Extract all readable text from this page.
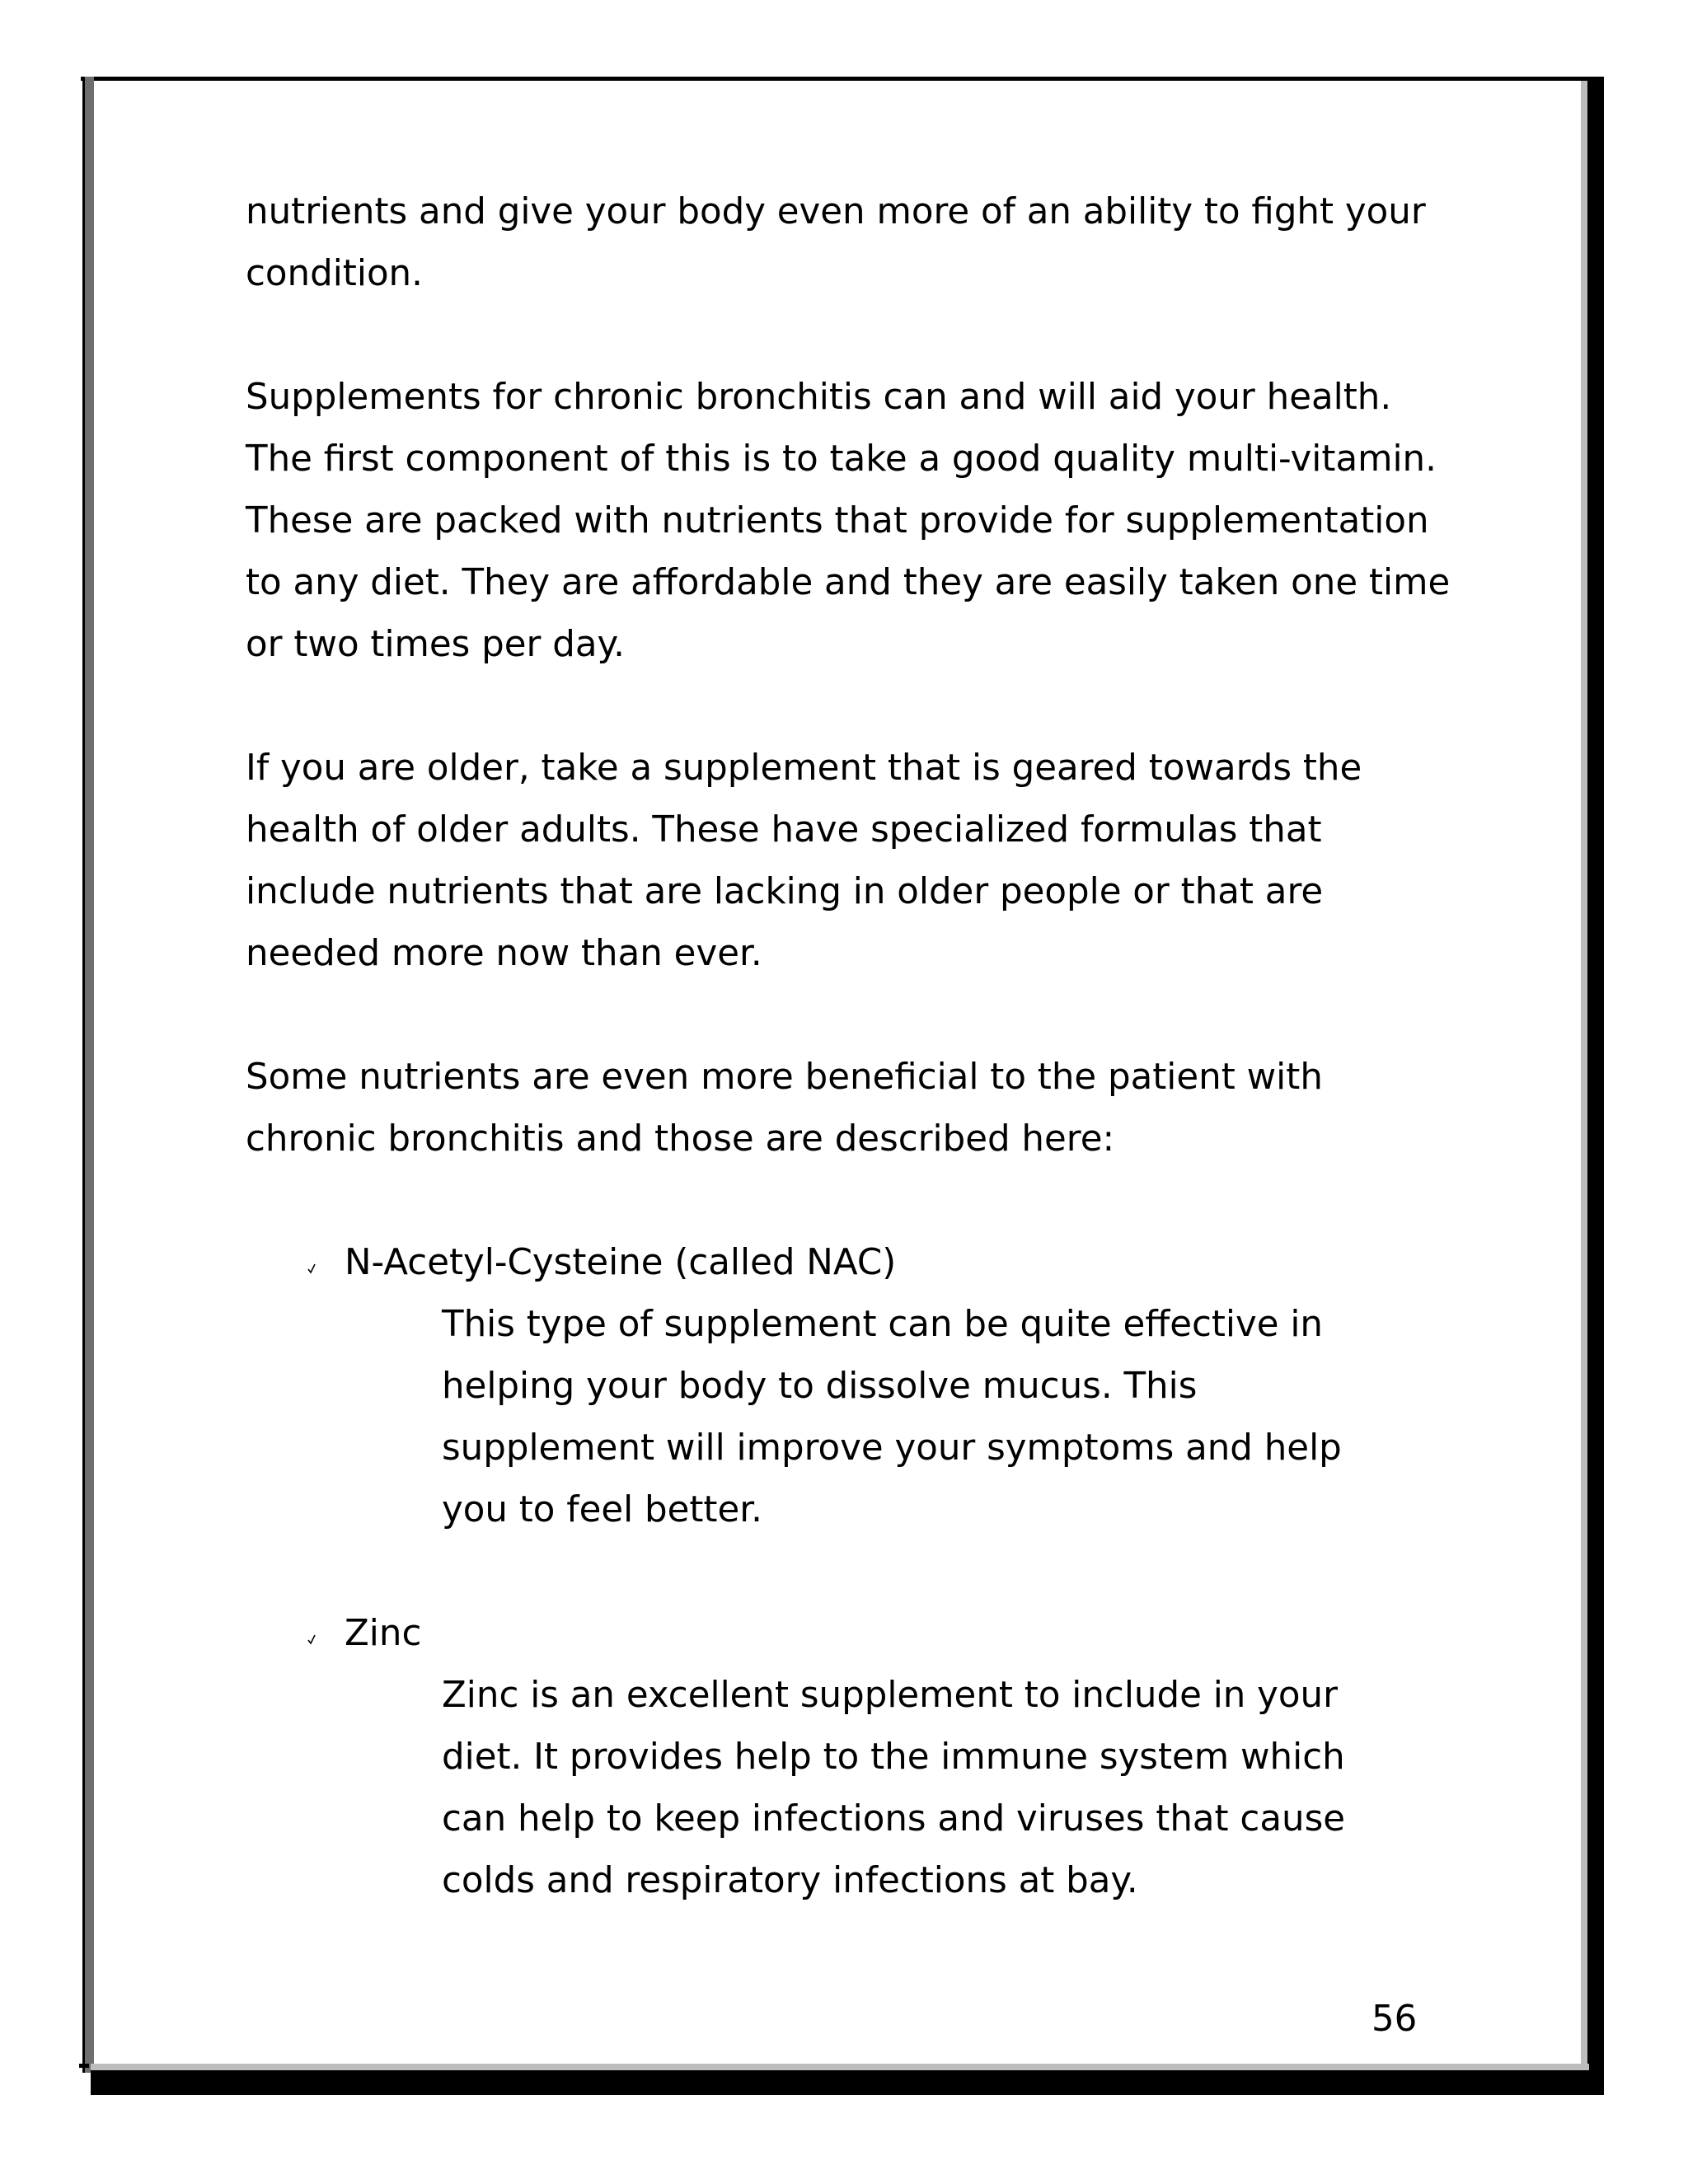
nutrients and give your body even more of an ability to fight your condition.

Supplements for chronic bronchitis can and will aid your health. The first component of this is to take a good quality multi-vitamin. These are packed with nutrients that provide for supplementation to any diet. They are affordable and they are easily taken one time or two times per day.

If you are older, take a supplement that is geared towards the health of older adults. These have specialized formulas that include nutrients that are lacking in older people or that are needed more now than ever.

Some nutrients are even more beneficial to the patient with chronic bronchitis and those are described here:

N-Acetyl-Cysteine (called NAC)
This type of supplement can be quite effective in helping your body to dissolve mucus. This supplement will improve your symptoms and help you to feel better.
Zinc
Zinc is an excellent supplement to include in your diet. It provides help to the immune system which can help to keep infections and viruses that cause colds and respiratory infections at bay.
56
